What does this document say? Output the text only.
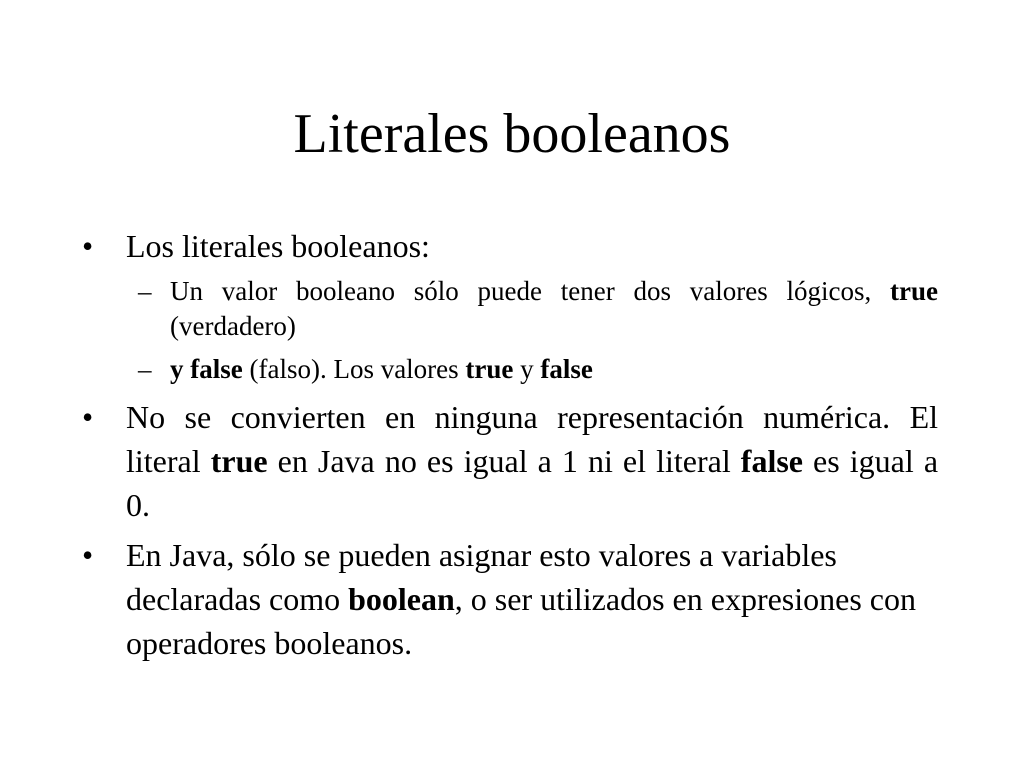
Literales booleanos
•	Los literales booleanos:
– Un valor booleano sólo puede tener dos valores lógicos, true (verdadero)
– y false (falso). Los valores true y false
•	No se convierten en ninguna representación numérica. El literal true en Java no es igual a 1 ni el literal false es igual a 0.
•	En Java, sólo se pueden asignar esto valores a variables declaradas como boolean, o ser utilizados en expresiones con operadores booleanos.
